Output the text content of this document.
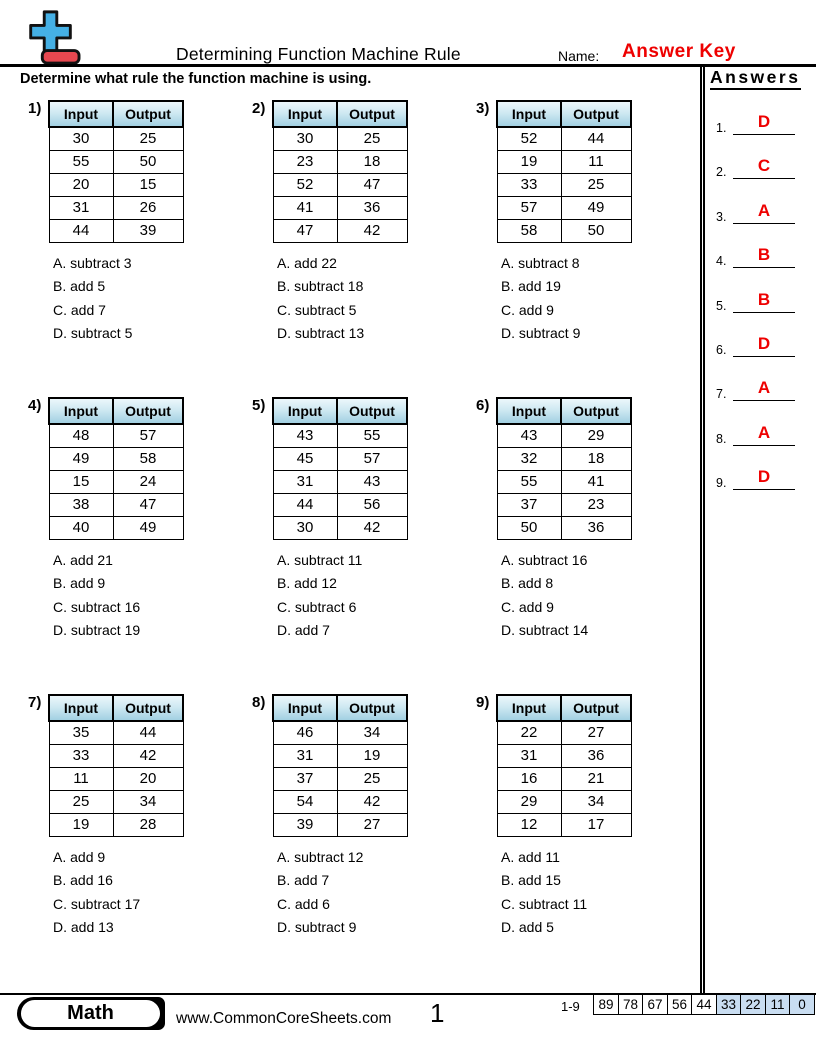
Determining Function Machine Rule	Name: Answer Key
Determine what rule the function machine is using.
1)	Input	Output
30	25
55	50
20	15
31	26
44	39
A. subtract 3
B. add 5
C. add 7
D. subtract 5
2)	Input	Output
30	25
23	18
52	47
41	36
47	42
A. add 22
B. subtract 18
C. subtract 5
D. subtract 13
3)	Input	Output
52	44
19	11
33	25
57	49
58	50
A. subtract 8
B. add 19
C. add 9
D. subtract 9
4)	Input	Output
48	57
49	58
15	24
38	47
40	49
A. add 21
B. add 9
C. subtract 16
D. subtract 19
5)	Input	Output
43	55
45	57
31	43
44	56
30	42
A. subtract 11
B. add 12
C. subtract 6
D. add 7
6)	Input	Output
43	29
32	18
55	41
37	23
50	36
A. subtract 16
B. add 8
C. add 9
D. subtract 14
7)	Input	Output
35	44
33	42
11	20
25	34
19	28
A. add 9
B. add 16
C. subtract 17
D. add 13
8)	Input	Output
46	34
31	19
37	25
54	42
39	27
A. subtract 12
B. add 7
C. add 6
D. subtract 9
9)	Input	Output
22	27
31	36
16	21
29	34
12	17
A. add 11
B. add 15
C. subtract 11
D. add 5
Answers
1.	D
2.	C
3.	A
4.	B
5.	B
6.	D
7.	A
8.	A
9.	D
Math	www.CommonCoreSheets.com 1	1-9	89 78 67 56 44 33 22 11	0
